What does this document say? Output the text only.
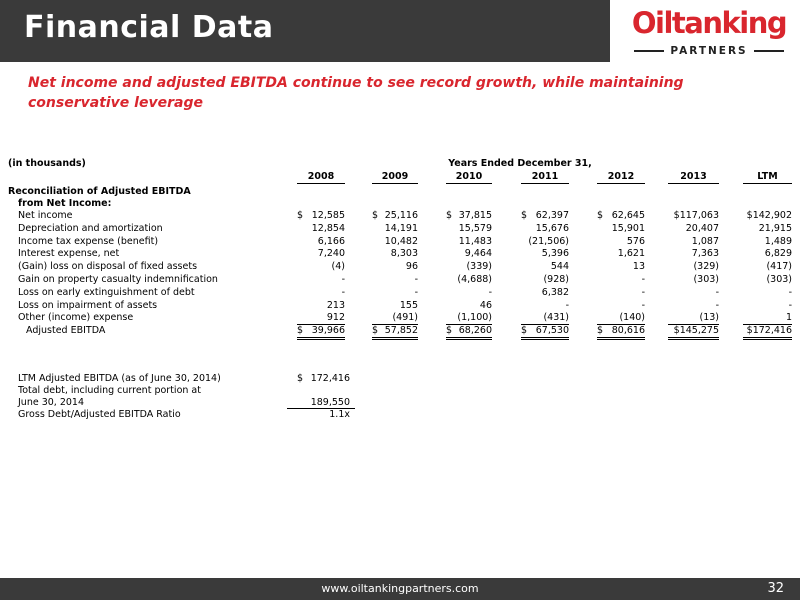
Financial Data	Oiltanking
PARTNERS
Net income and adjusted EBITDA continue to see record growth, while maintaining conservative leverage
(in thousands)	Years Ended December 31,
2008	2009	2010	2011	2012	2013	LTM
Reconciliation of Adjusted EBITDA
from Net Income:
Net income	$ 12,585	$ 25,116	$ 37,815	$ 62,397	$ 62,645	$117,063	$142,902
Depreciation and amortization	12,854	14,191	15,579	15,676	15,901	20,407	21,915
Income tax expense (benefit)	6,166	10,482	11,483	(21,506)	576	1,087	1,489
Interest expense, net	7,240	8,303	9,464	5,396	1,621	7,363	6,829
(Gain) loss on disposal of fixed assets	(4)	96	(339)	544	13	(329)	(417)
Gain on property casualty indemnification	-	-	(4,688)	(928)	-	(303)	(303)
Loss on early extinguishment of debt	-	-	-	6,382	-	-	-
Loss on impairment of assets	213	155	46	-	-	-	-
Other (income) expense	912	(491)	(1,100)	(431)	(140)	(13)	1
Adjusted EBITDA	$ 39,966	$ 57,852	$ 68,260	$ 67,530	$ 80,616	$145,275	$172,416
LTM Adjusted EBITDA (as of June 30, 2014)	$ 172,416
Total debt, including current portion at
June 30, 2014	189,550
Gross Debt/Adjusted EBITDA Ratio	1.1x
www.oiltankingpartners.com	32
